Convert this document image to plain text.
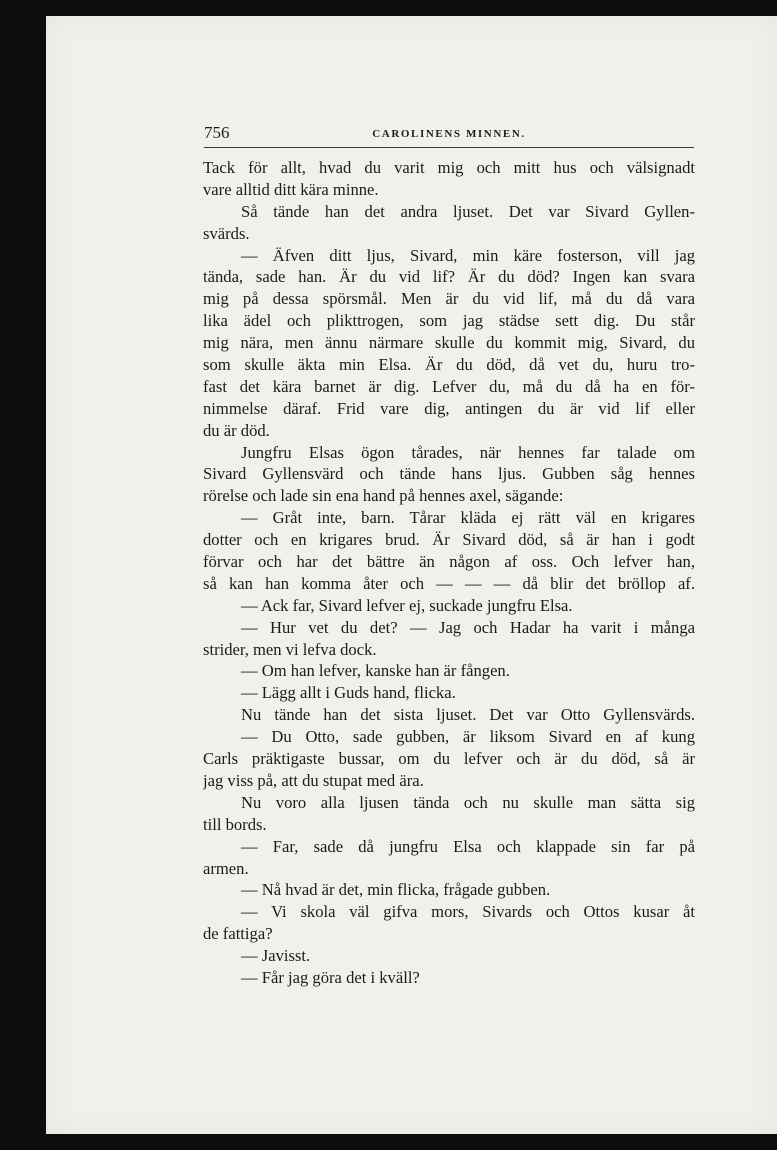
756	CAROLINENS MINNEN.
Tack för allt, hvad du varit mig och mitt hus och välsignadt
vare alltid ditt kära minne.
Så tände han det andra ljuset. Det var Sivard Gyllen-
svärds.
— Äfven ditt ljus, Sivard, min käre fosterson, vill jag
tända, sade han. Är du vid lif? Är du död? Ingen kan svara
mig på dessa spörsmål. Men är du vid lif, må du då vara
lika ädel och plikttrogen, som jag städse sett dig. Du står
mig nära, men ännu närmare skulle du kommit mig, Sivard, du
som skulle äkta min Elsa. Är du död, då vet du, huru tro-
fast det kära barnet är dig. Lefver du, må du då ha en för-
nimmelse däraf. Frid vare dig, antingen du är vid lif eller
du är död.
Jungfru Elsas ögon tårades, när hennes far talade om
Sivard Gyllensvärd och tände hans ljus. Gubben såg hennes
rörelse och lade sin ena hand på hennes axel, sägande:
— Gråt inte, barn. Tårar kläda ej rätt väl en krigares
dotter och en krigares brud. Är Sivard död, så är han i godt
förvar och har det bättre än någon af oss. Och lefver han,
så kan han komma åter och — — — då blir det bröllop af.
— Ack far, Sivard lefver ej, suckade jungfru Elsa.
— Hur vet du det? — Jag och Hadar ha varit i många
strider, men vi lefva dock.
— Om han lefver, kanske han är fången.
— Lägg allt i Guds hand, flicka.
Nu tände han det sista ljuset. Det var Otto Gyllensvärds.
— Du Otto, sade gubben, är liksom Sivard en af kung
Carls präktigaste bussar, om du lefver och är du död, så är
jag viss på, att du stupat med ära.
Nu voro alla ljusen tända och nu skulle man sätta sig
till bords.
— Far, sade då jungfru Elsa och klappade sin far på
armen.
— Nå hvad är det, min flicka, frågade gubben.
— Vi skola väl gifva mors, Sivards och Ottos kusar åt
de fattiga?
— Javisst.
— Får jag göra det i kväll?
